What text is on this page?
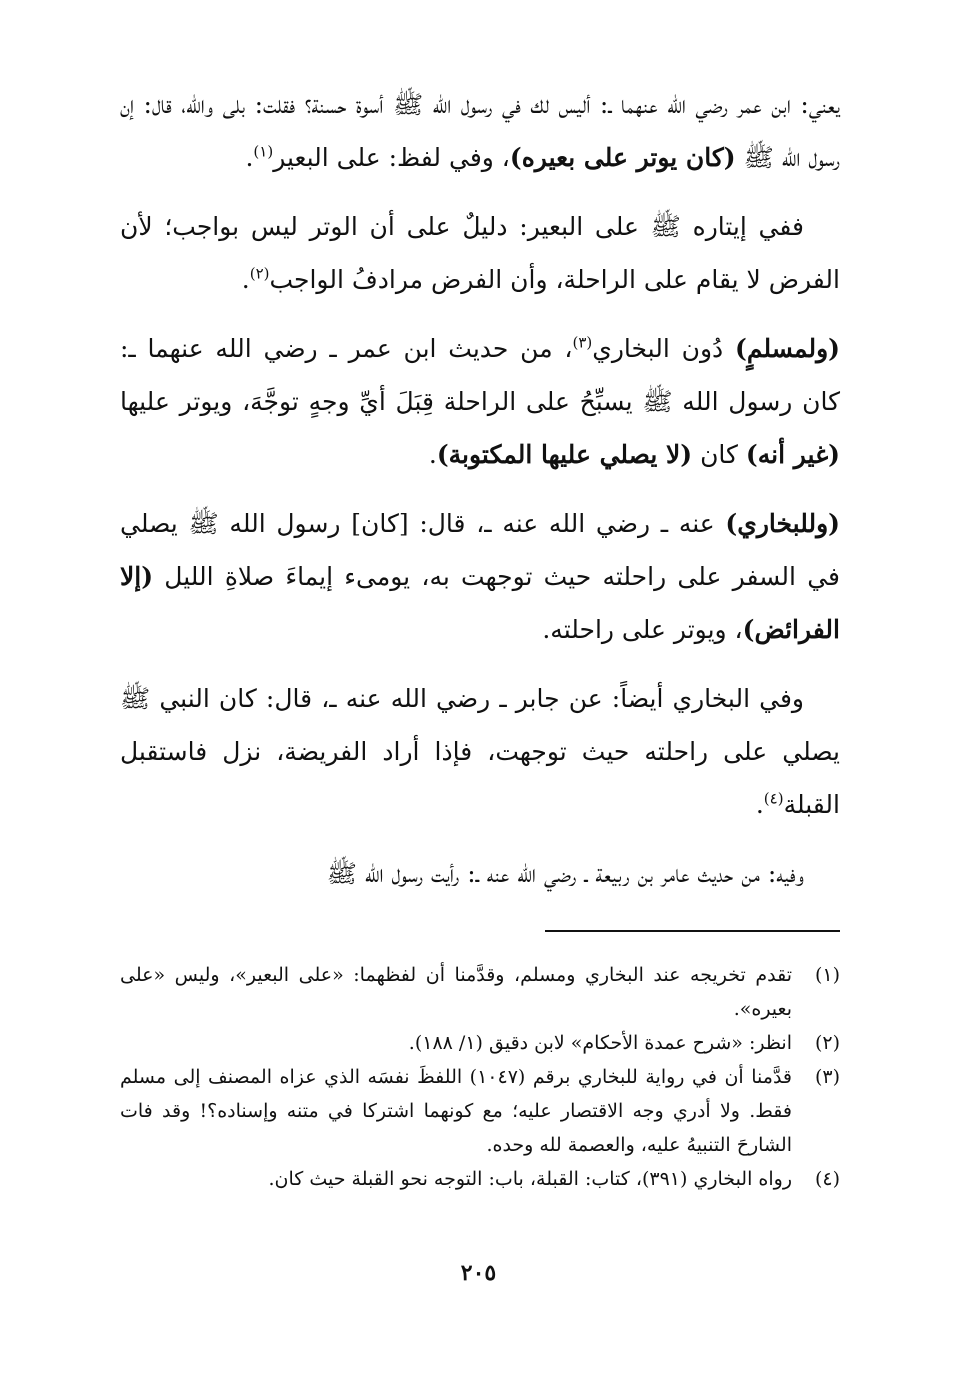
يعني: ابن عمر رضي الله عنهما ـ: أليس لك في رسول الله ﷺ أسوة حسنة؟ فقلت: بلى والله، قال: إن رسول الله ﷺ (كان يوتر على بعيره)، وفي لفظ: على البعير$^{(١)}$.

ففي إيتاره ﷺ على البعير: دليلٌ على أن الوتر ليس بواجب؛ لأن الفرض لا يقام على الراحلة، وأن الفرض مرادفُ الواجب$^{(٢)}$.

(ولمسلمٍ) دُون البخاري$^{(٣)}$، من حديث ابن عمر ـ رضي الله عنهما ـ: كان رسول الله ﷺ يسبِّحُ على الراحلة قِبَلَ أيِّ وجهٍ توجَّهَ، ويوتر عليها (غير أنه) كان (لا يصلي عليها المكتوبة).

(وللبخاري) عنه ـ رضي الله عنه ـ، قال: [كان] رسول الله ﷺ يصلي في السفر على راحلته حيث توجهت به، يومىء إيماءَ صلاةِ الليل (إلا الفرائض)، ويوتر على راحلته.

وفي البخاري أيضاً: عن جابر ـ رضي الله عنه ـ، قال: كان النبي ﷺ يصلي على راحلته حيث توجهت، فإذا أراد الفريضة، نزل فاستقبل القبلة$^{(٤)}$.

وفيه: من حديث عامر بن ربيعة ـ رضي الله عنه ـ: رأيت رسول الله ﷺ

(١)
تقدم تخريجه عند البخاري ومسلم، وقدَّمنا أن لفظهما: «على البعير»، وليس «على بعيره».
(٢)
انظر: «شرح عمدة الأحكام» لابن دقيق (١/ ١٨٨).
(٣)
قدَّمنا أن في رواية للبخاري برقم (١٠٤٧) اللفظَ نفسَه الذي عزاه المصنف إلى مسلم فقط. ولا أدري وجه الاقتصار عليه؛ مع كونهما اشتركا في متنه وإسناده؟! وقد فات الشارحَ التنبيهُ عليه، والعصمة لله وحده.
(٤)
رواه البخاري (٣٩١)، كتاب: القبلة، باب: التوجه نحو القبلة حيث كان.
٢٠٥
